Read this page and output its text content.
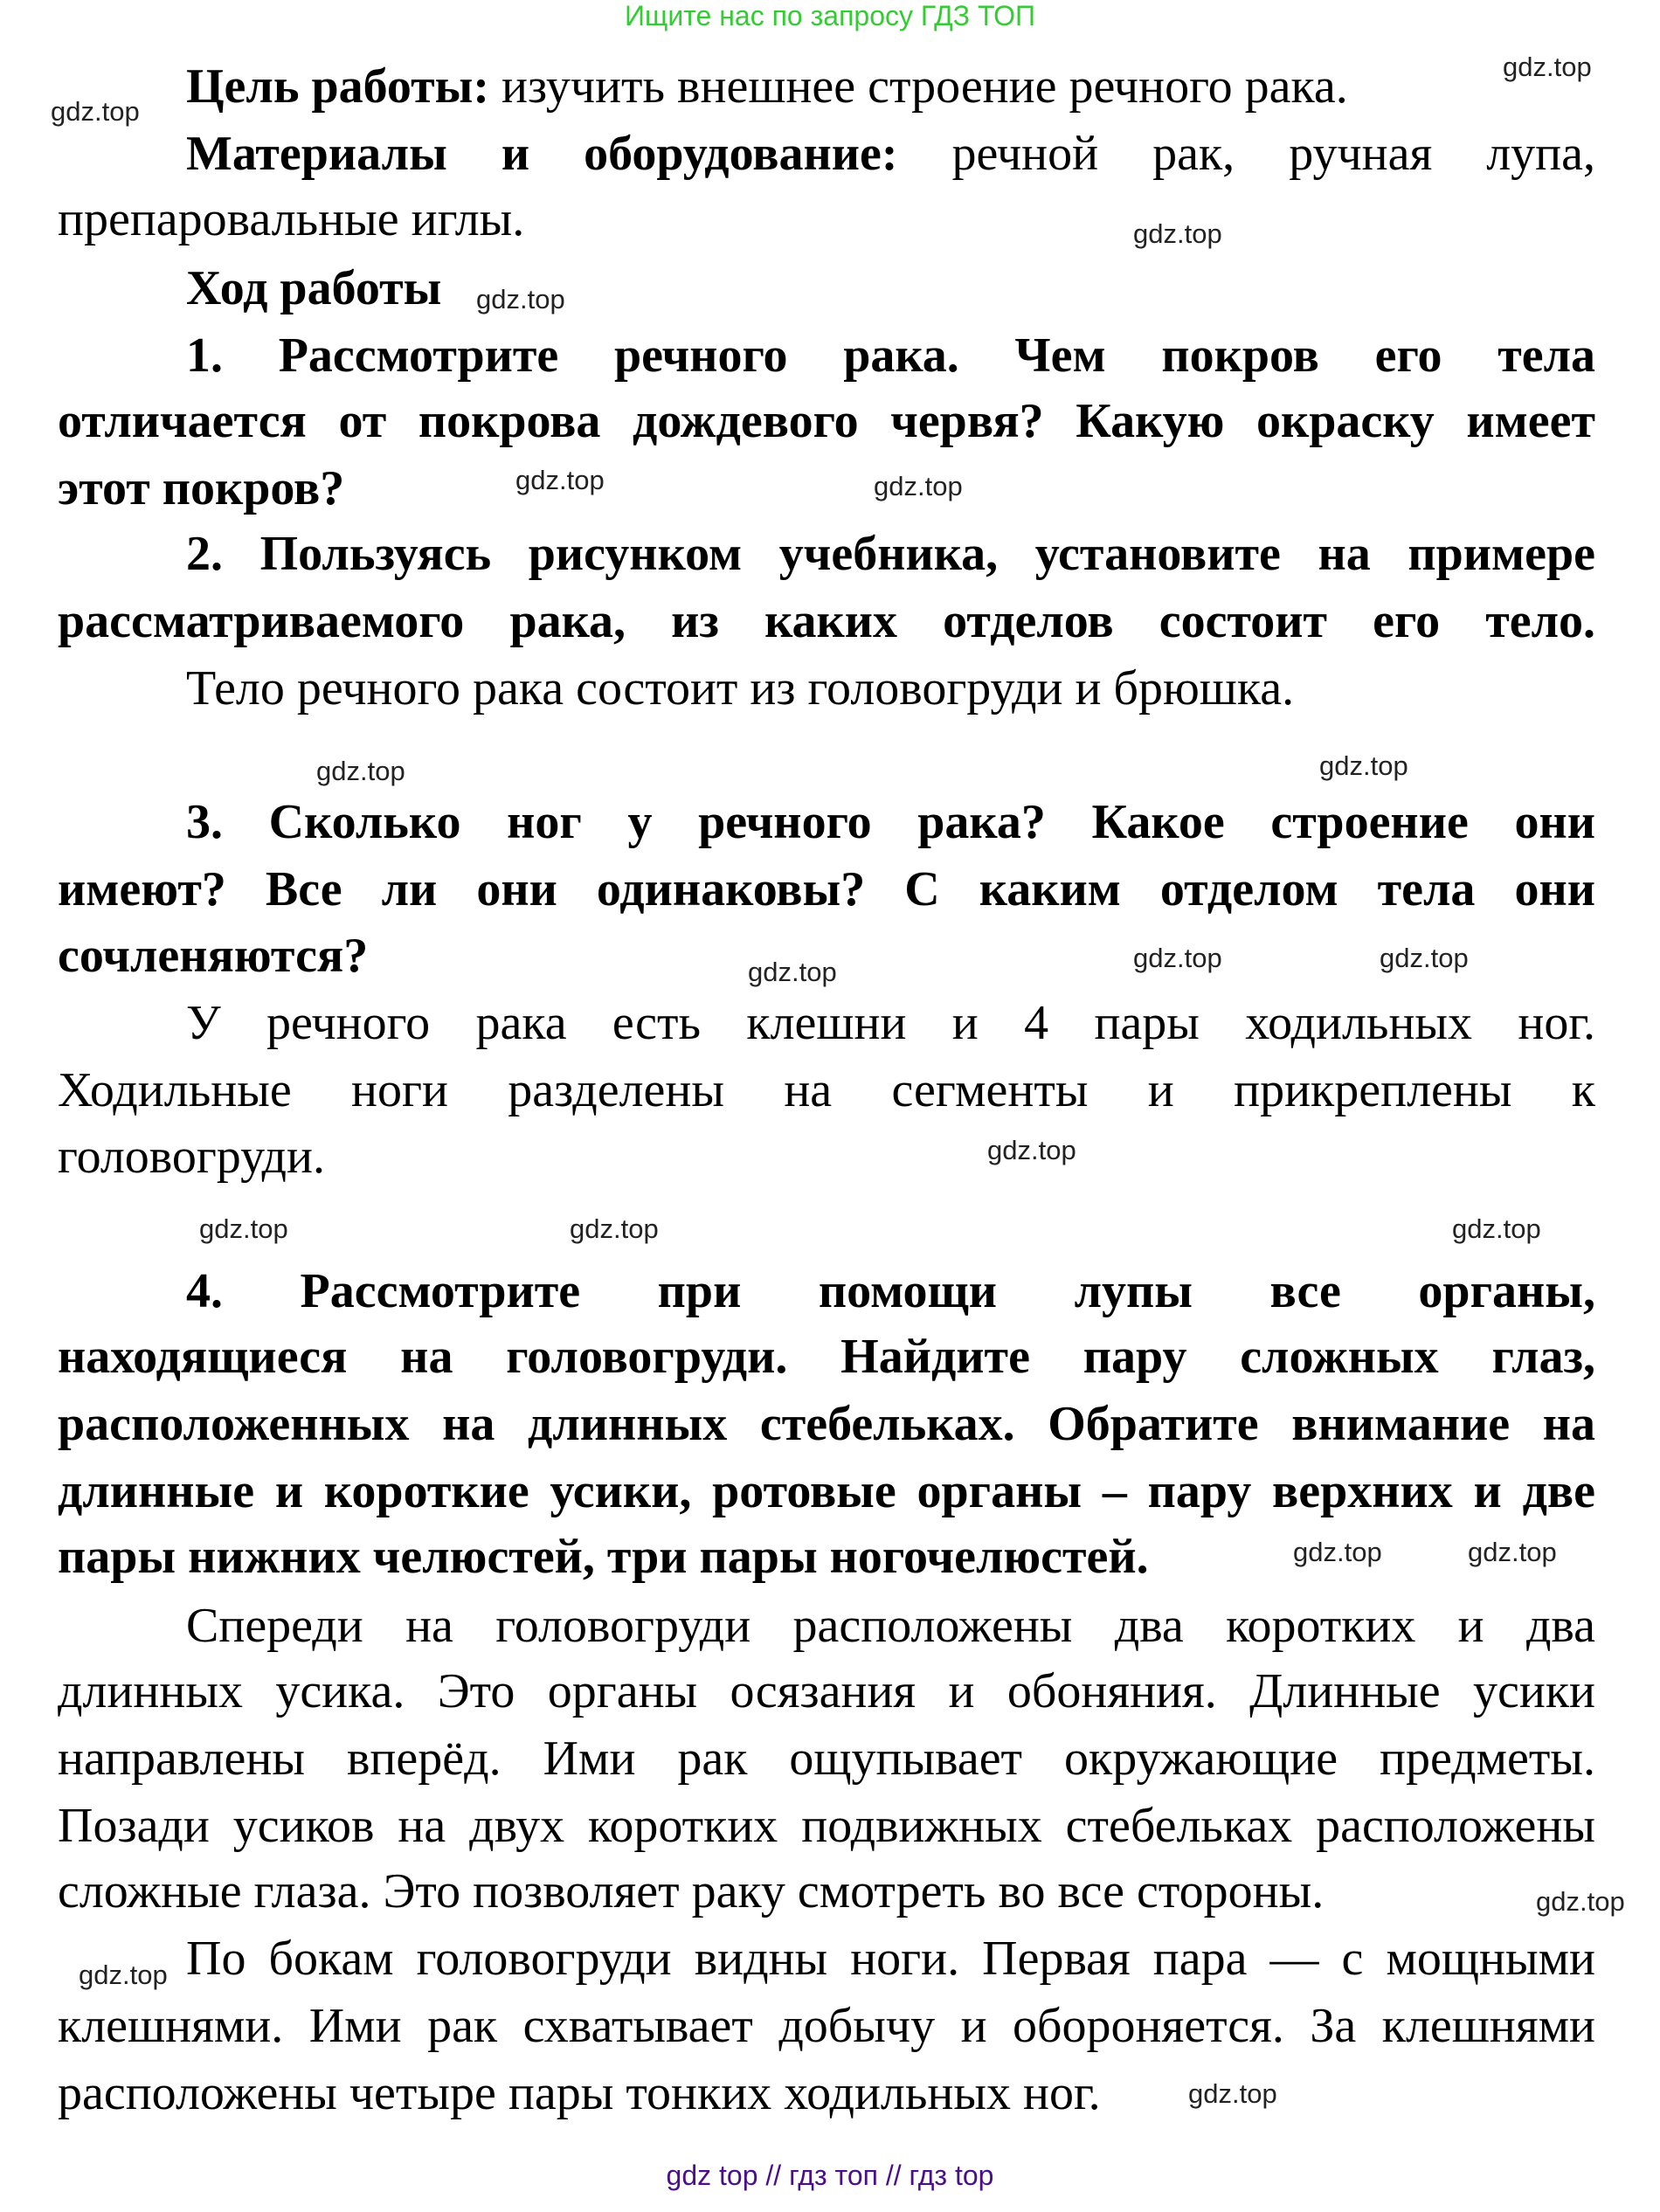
Ищите нас по запросу ГДЗ ТОП
Цель работы: изучить внешнее строение речного рака.
Материалы и оборудование: речной рак, ручная лупа,
препаровальные иглы.
Ход работы
1. Рассмотрите речного рака. Чем покров его тела
отличается от покрова дождевого червя? Какую окраску имеет
этот покров?
2. Пользуясь рисунком учебника, установите на примере
рассматриваемого рака, из каких отделов состоит его тело.
Тело речного рака состоит из головогруди и брюшка.
3. Сколько ног у речного рака? Какое строение они
имеют? Все ли они одинаковы? С каким отделом тела они
сочленяются?
У речного рака есть клешни и 4 пары ходильных ног.
Ходильные ноги разделены на сегменты и прикреплены к
головогруди.
4. Рассмотрите при помощи лупы все органы,
находящиеся на головогруди. Найдите пару сложных глаз,
расположенных на длинных стебельках. Обратите внимание на
длинные и короткие усики, ротовые органы – пару верхних и две
пары нижних челюстей, три пары ногочелюстей.
Спереди на головогруди расположены два коротких и два
длинных усика. Это органы осязания и обоняния. Длинные усики
направлены вперёд. Ими рак ощупывает окружающие предметы.
Позади усиков на двух коротких подвижных стебельках расположены
сложные глаза. Это позволяет раку смотреть во все стороны.
По бокам головогруди видны ноги. Первая пара — с мощными
клешнями. Ими рак схватывает добычу и обороняется. За клешнями
расположены четыре пары тонких ходильных ног.
gdz top // гдз топ // гдз top
gdz.top
gdz.top
gdz.top
gdz.top
gdz.top	gdz.top
gdz.top
gdz.top
gdz.top	gdz.top	gdz.top
gdz.top
gdz.top	gdz.top	gdz.top
gdz.top	gdz.top
gdz.top
gdz.top
gdz.top
